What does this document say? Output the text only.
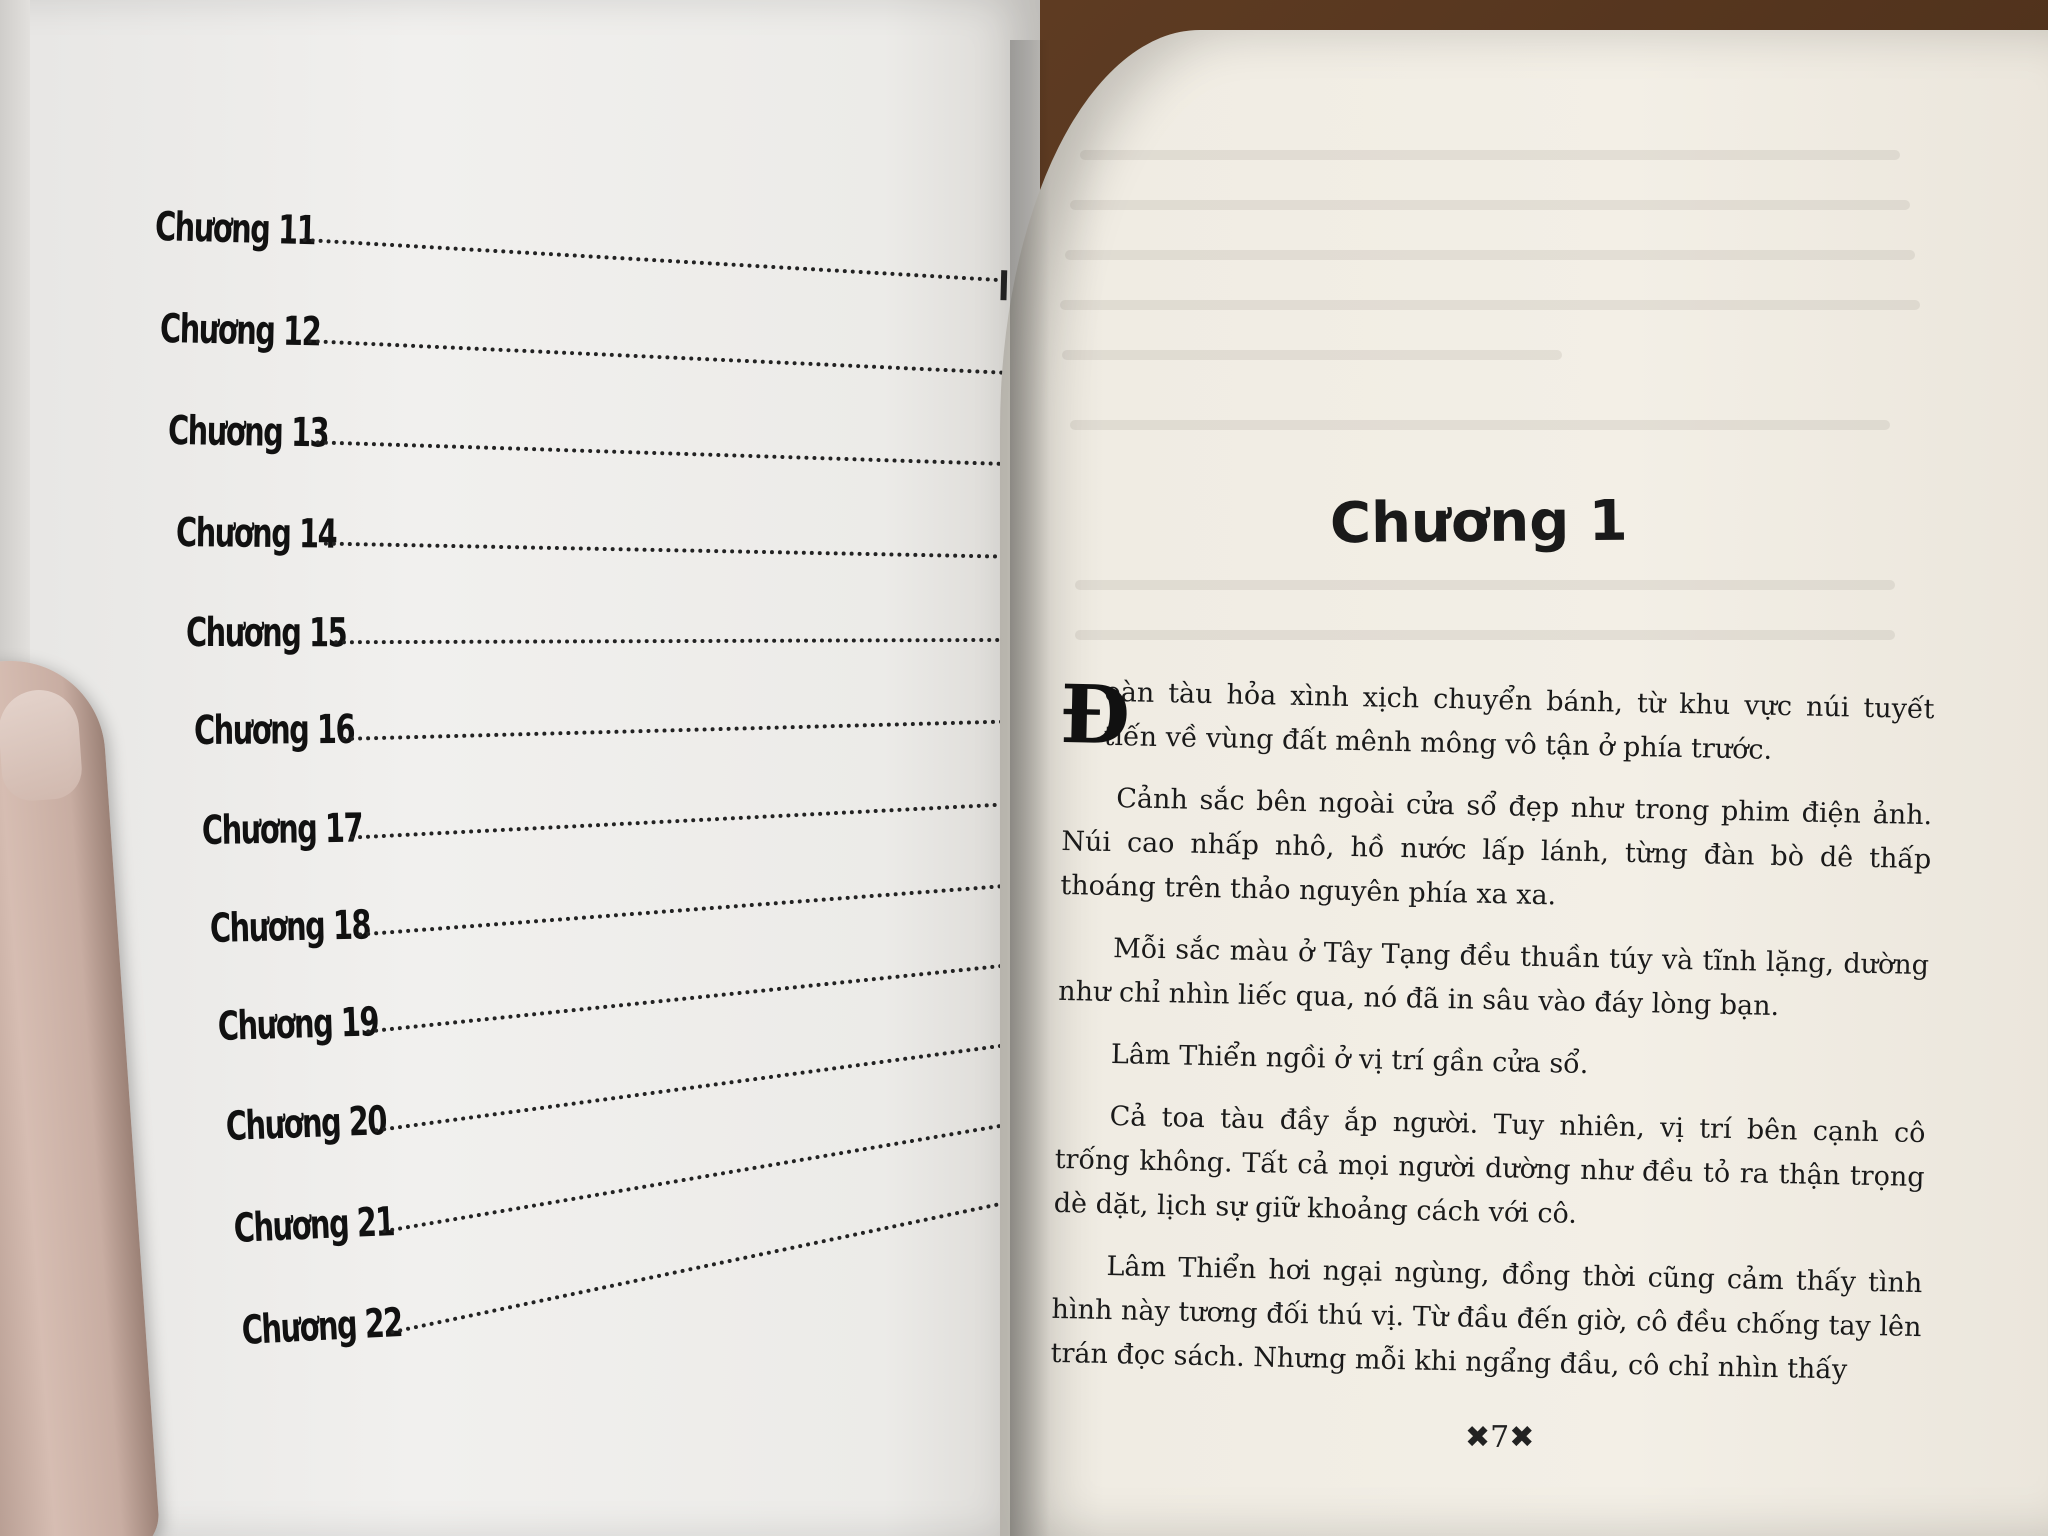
Chương 11
Chương 12
Chương 13
Chương 14
Chương 15
Chương 16
Chương 17
Chương 18
Chương 19
Chương 20
Chương 21
Chương 22
Chương 1

Đ
oàn tàu hỏa xình xịch chuyển bánh, từ khu vực núi tuyết tiến về vùng đất mênh mông vô tận ở phía trước.

Cảnh sắc bên ngoài cửa sổ đẹp như trong phim điện ảnh. Núi cao nhấp nhô, hồ nước lấp lánh, từng đàn bò dê thấp thoáng trên thảo nguyên phía xa xa.

Mỗi sắc màu ở Tây Tạng đều thuần túy và tĩnh lặng, dường như chỉ nhìn liếc qua, nó đã in sâu vào đáy lòng bạn.

Lâm Thiển ngồi ở vị trí gần cửa sổ.

Cả toa tàu đầy ắp người. Tuy nhiên, vị trí bên cạnh cô trống không. Tất cả mọi người dường như đều tỏ ra thận trọng dè dặt, lịch sự giữ khoảng cách với cô.

Lâm Thiển hơi ngại ngùng, đồng thời cũng cảm thấy tình hình này tương đối thú vị. Từ đầu đến giờ, cô đều chống tay lên trán đọc sách. Nhưng mỗi khi ngẩng đầu, cô chỉ nhìn thấy

✖7✖
